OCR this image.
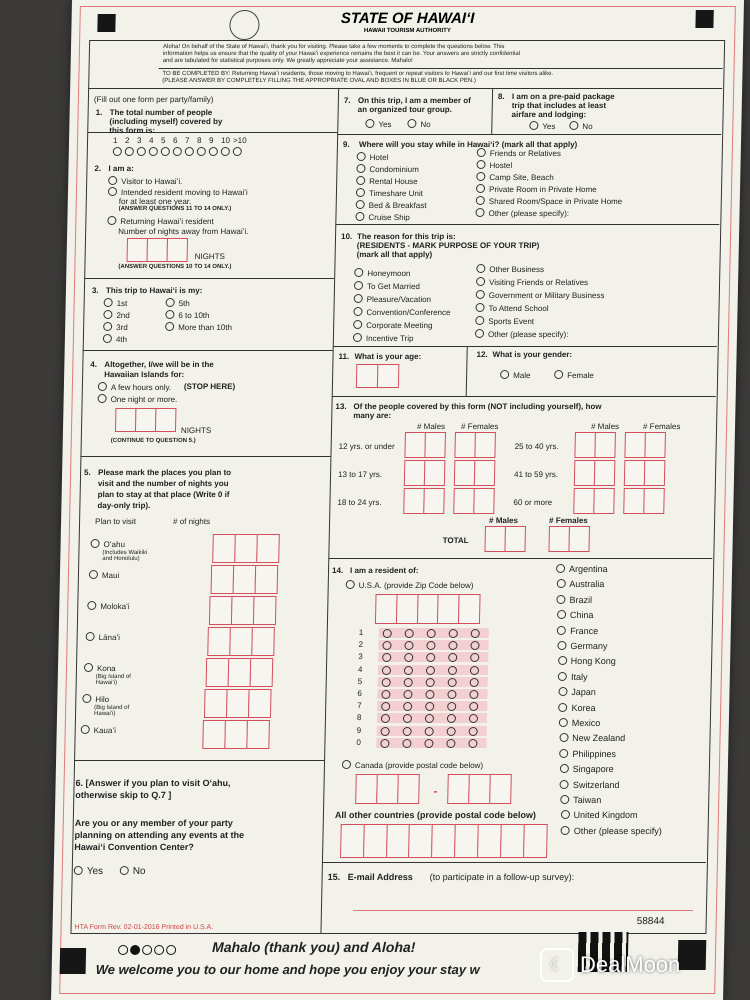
STATE OF HAWAIʻI
HAWAII TOURISM AUTHORITY
Aloha! On behalf of the State of Hawaiʻi, thank you for visiting. Please take a few moments to complete the questions below. This
information helps us ensure that the quality of your Hawaiʻi experience remains the best it can be. Your answers are strictly confidential
and are tabulated for statistical purposes only. We greatly appreciate your assistance. Mahalo!
TO BE COMPLETED BY: Returning Hawaiʻi residents, those moving to Hawaiʻi, frequent or repeat visitors to Hawaiʻi and our first time visitors alike.
(PLEASE ANSWER BY COMPLETELY FILLING THE APPROPRIATE OVAL AND BOXES IN BLUE OR BLACK PEN.)
(Fill out one form per party/family)
1. The total number of people
(including myself) covered by
this form is:
1 2 3 4 5 6 7 8 9 10 >10
2. I am a:
Visitor to Hawaiʻi.
Intended resident moving to Hawaiʻi
for at least one year.
(ANSWER QUESTIONS 11 TO 14 ONLY.)
Returning Hawaiʻi resident
Number of nights away from Hawaiʻi.
NIGHTS
(ANSWER QUESTIONS 10 TO 14 ONLY.)
3. This trip to Hawaiʻi is my:
1st
2nd
3rd
4th
5th
6 to 10th
More than 10th
4. Altogether, I/we will be in the
Hawaiian Islands for:
A few hours only. (STOP HERE)
One night or more.
NIGHTS
(CONTINUE TO QUESTION 5.)
5. Please mark the places you plan to
visit and the number of nights you
plan to stay at that place (Write 0 if
day-only trip).
Plan to visit	# of nights
Oʻahu
(Includes Waikiki
and Honolulu)
Maui
Molokaʻi
Lānaʻi
Kona
(Big Island of
Hawaiʻi)
Hilo
(Big Island of
Hawaiʻi)
Kauaʻi
6. [Answer if you plan to visit Oʻahu,
otherwise skip to Q.7 ]
Are you or any member of your party
planning on attending any events at the
Hawaiʻi Convention Center?
Yes	No
7. On this trip, I am a member of
an organized tour group.
Yes	No
8. I am on a pre-paid package
trip that includes at least
airfare and lodging:
Yes	No
9. Where will you stay while in Hawaiʻi? (mark all that apply)
Hotel
Condominium
Rental House
Timeshare Unit
Bed & Breakfast
Cruise Ship
Friends or Relatives
Hostel
Camp Site, Beach
Private Room in Private Home
Shared Room/Space in Private Home
Other (please specify):
10. The reason for this trip is:
(RESIDENTS - MARK PURPOSE OF YOUR TRIP)
(mark all that apply)
Honeymoon
To Get Married
Pleasure/Vacation
Convention/Conference
Corporate Meeting
Incentive Trip
Other Business
Visiting Friends or Relatives
Government or Military Business
To Attend School
Sports Event
Other (please specify):
11. What is your age:	12. What is your gender:
Male	Female
13. Of the people covered by this form (NOT including yourself), how
many are:
# Males # Females	# Males	# Females
12 yrs. or under
13 to 17 yrs.
18 to 24 yrs.
25 to 40 yrs.
41 to 59 yrs.
60 or more
# Males	# Females
TOTAL
14. I am a resident of:
U.S.A. (provide Zip Code below)
1
2
3
4
5
6
7
8
9
0
Canada (provide postal code below)
-
All other countries (provide postal code below)
Argentina
Australia
Brazil
China
France
Germany
Hong Kong
Italy
Japan
Korea
Mexico
New Zealand
Philippines
Singapore
Switzerland
Taiwan
United Kingdom
Other (please specify)
15. E-mail Address (to participate in a follow-up survey):
HTA Form Rev. 02-01-2016 Printed in U.S.A.
58844
Mahalo (thank you) and Aloha!
We welcome you to our home and hope you enjoy your stay w	☾ DealMoon
